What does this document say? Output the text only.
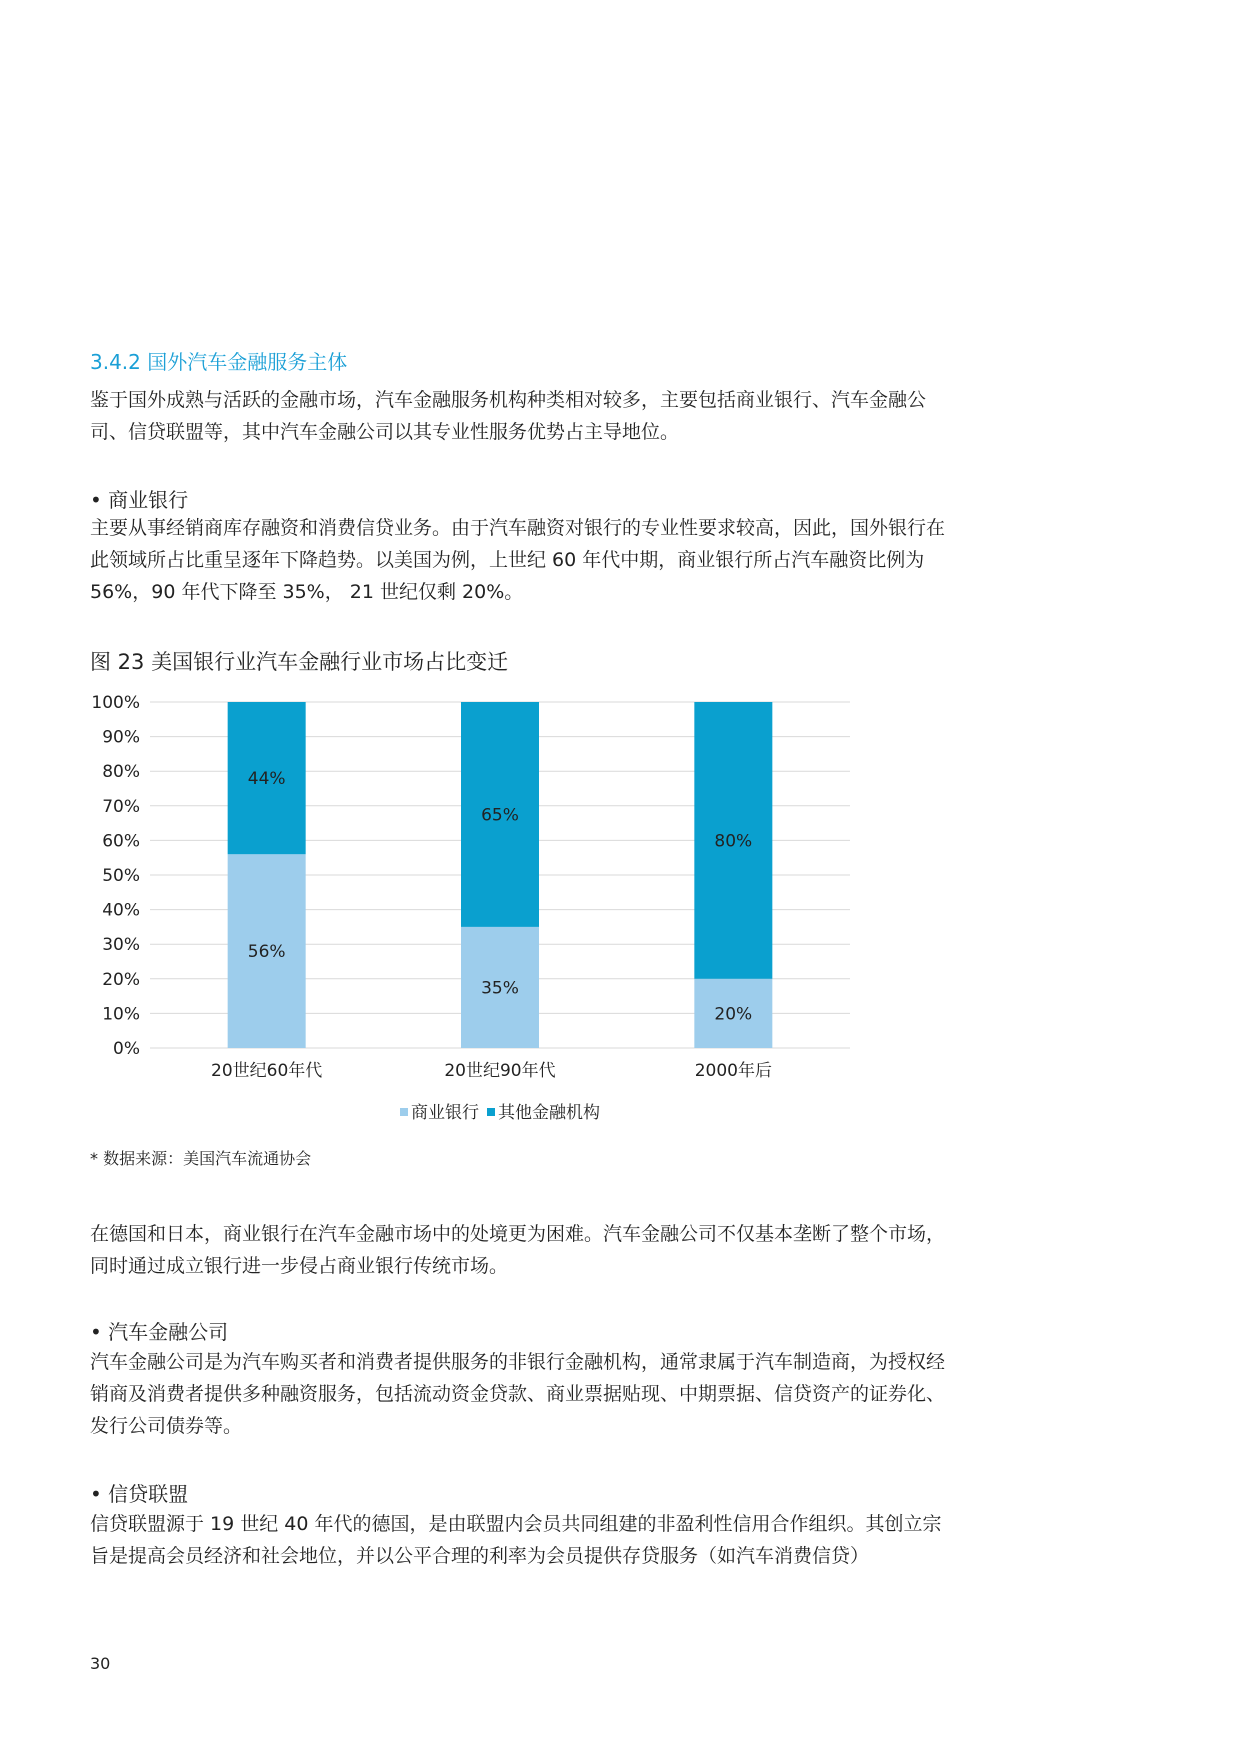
3.4.2 国外汽车金融服务主体

鉴于国外成熟与活跃的金融市场，汽车金融服务机构种类相对较多，主要包括商业银行、汽车金融公司、信贷联盟等，其中汽车金融公司以其专业性服务优势占主导地位。

• 商业银行

主要从事经销商库存融资和消费信贷业务。由于汽车融资对银行的专业性要求较高，因此，国外银行在此领域所占比重呈逐年下降趋势。以美国为例，上世纪 60 年代中期，商业银行所占汽车融资比例为 56%，90 年代下降至 35%， 21 世纪仅剩 20%。

图 23 美国银行业汽车金融行业市场占比变迁
0%
10%
20%
30%
40%
50%
60%
70%
80%
90%
100%
56%
44%
20世纪60年代
35%
65%
20世纪90年代
20%
80%
2000年后
商业银行 其他金融机构
* 数据来源：美国汽车流通协会

在德国和日本，商业银行在汽车金融市场中的处境更为困难。汽车金融公司不仅基本垄断了整个市场，同时通过成立银行进一步侵占商业银行传统市场。

• 汽车金融公司

汽车金融公司是为汽车购买者和消费者提供服务的非银行金融机构，通常隶属于汽车制造商，为授权经销商及消费者提供多种融资服务，包括流动资金贷款、商业票据贴现、中期票据、信贷资产的证券化、发行公司债券等。

• 信贷联盟

信贷联盟源于 19 世纪 40 年代的德国，是由联盟内会员共同组建的非盈利性信用合作组织。其创立宗旨是提高会员经济和社会地位，并以公平合理的利率为会员提供存贷服务（如汽车消费信贷）

30
